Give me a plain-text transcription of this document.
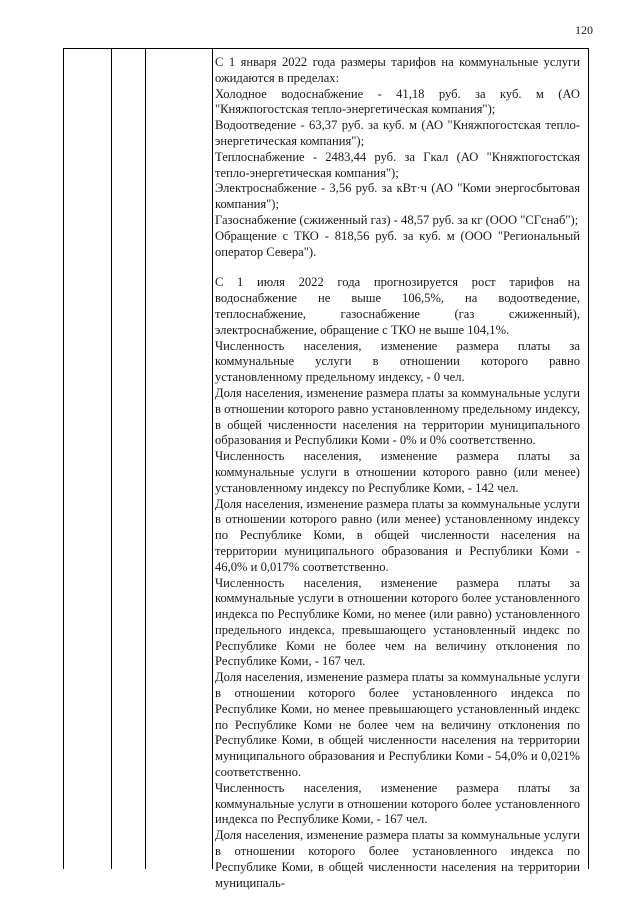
120

С 1 января 2022 года размеры тарифов на коммунальные услуги ожидаются в пределах:

Холодное водоснабжение - 41,18 руб. за куб. м (АО "Княжпогостская тепло-энергетическая компания");

Водоотведение - 63,37 руб. за куб. м (АО "Княжпогостская тепло-энергетическая компания");

Теплоснабжение - 2483,44 руб. за Гкал (АО "Княжпогостская тепло-энергетическая компания");

Электроснабжение - 3,56 руб. за кВт·ч (АО "Коми энергосбытовая компания");

Газоснабжение (сжиженный газ) - 48,57 руб. за кг (ООО "СГснаб");

Обращение с ТКО - 818,56 руб. за куб. м (ООО "Региональный оператор Севера").

С 1 июля 2022 года прогнозируется рост тарифов на водоснабжение не выше 106,5%, на водоотведение, теплоснабжение, газоснабжение (газ сжиженный), электроснабжение, обращение с ТКО не выше 104,1%.

Численность населения, изменение размера платы за коммунальные услуги в отношении которого равно установленному предельному индексу, - 0 чел.

Доля населения, изменение размера платы за коммунальные услуги в отношении которого равно установленному предельному индексу, в общей численности населения на территории муниципального образования и Республики Коми - 0% и 0% соответственно.

Численность населения, изменение размера платы за коммунальные услуги в отношении которого равно (или менее) установленному индексу по Республике Коми, - 142 чел.

Доля населения, изменение размера платы за коммунальные услуги в отношении которого равно (или менее) установленному индексу по Республике Коми, в общей численности населения на территории муниципального образования и Республики Коми - 46,0% и 0,017% соответственно.

Численность населения, изменение размера платы за коммунальные услуги в отношении которого более установленного индекса по Республике Коми, но менее (или равно) установленного предельного индекса, превышающего установленный индекс по Республике Коми не более чем на величину отклонения по Республике Коми, - 167 чел.

Доля населения, изменение размера платы за коммунальные услуги в отношении которого более установленного индекса по Республике Коми, но менее превышающего установленный индекс по Республике Коми не более чем на величину отклонения по Республике Коми, в общей численности населения на территории муниципального образования и Республики Коми - 54,0% и 0,021% соответственно.

Численность населения, изменение размера платы за коммунальные услуги в отношении которого более установленного индекса по Республике Коми, - 167 чел.

Доля населения, изменение размера платы за коммунальные услуги в отношении которого более установленного индекса по Республике Коми, в общей численности населения на территории муниципаль-
